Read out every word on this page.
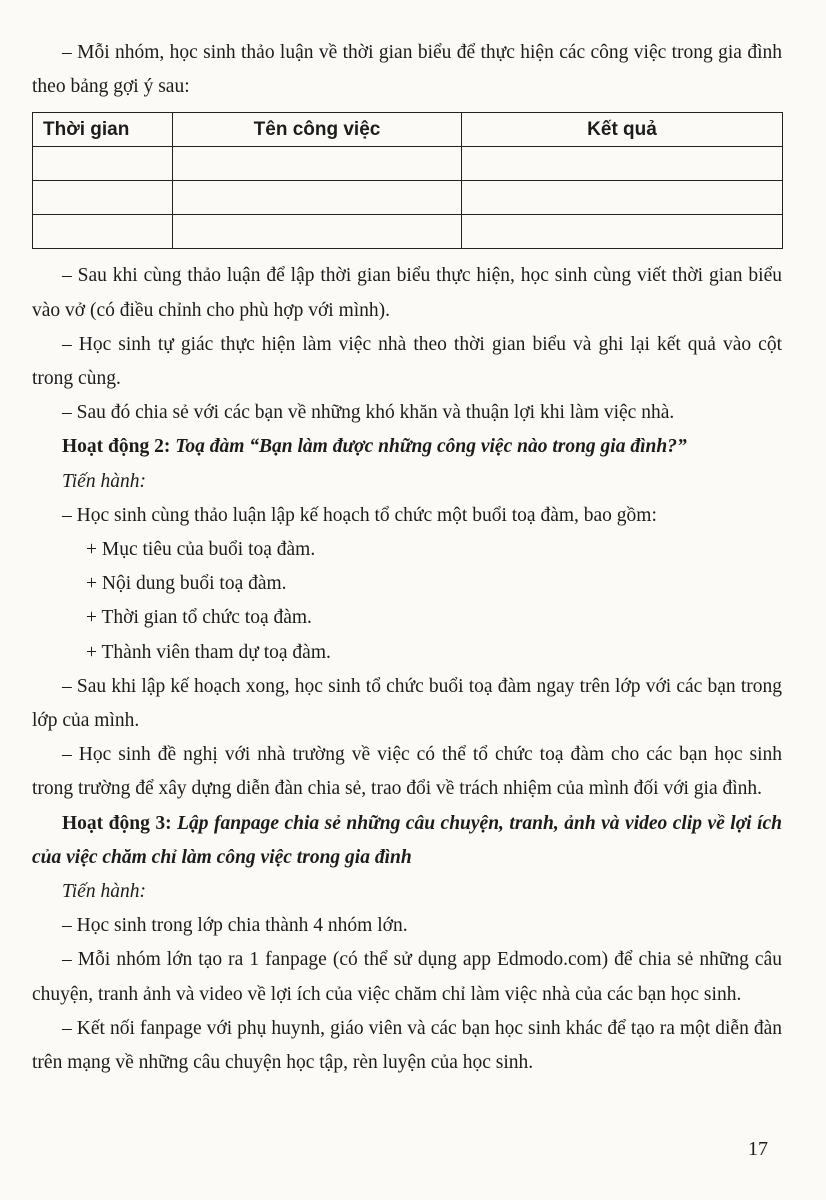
– Mỗi nhóm, học sinh thảo luận về thời gian biểu để thực hiện các công việc trong gia đình theo bảng gợi ý sau:

Thời gian	Tên công việc	Kết quả

– Sau khi cùng thảo luận để lập thời gian biểu thực hiện, học sinh cùng viết thời gian biểu vào vở (có điều chỉnh cho phù hợp với mình).

– Học sinh tự giác thực hiện làm việc nhà theo thời gian biểu và ghi lại kết quả vào cột trong cùng.

– Sau đó chia sẻ với các bạn về những khó khăn và thuận lợi khi làm việc nhà.

Hoạt động 2: Toạ đàm “Bạn làm được những công việc nào trong gia đình?”

Tiến hành:

– Học sinh cùng thảo luận lập kế hoạch tổ chức một buổi toạ đàm, bao gồm:

+ Mục tiêu của buổi toạ đàm.

+ Nội dung buổi toạ đàm.

+ Thời gian tổ chức toạ đàm.

+ Thành viên tham dự toạ đàm.

– Sau khi lập kế hoạch xong, học sinh tổ chức buổi toạ đàm ngay trên lớp với các bạn trong lớp của mình.

– Học sinh đề nghị với nhà trường về việc có thể tổ chức toạ đàm cho các bạn học sinh trong trường để xây dựng diễn đàn chia sẻ, trao đổi về trách nhiệm của mình đối với gia đình.

Hoạt động 3: Lập fanpage chia sẻ những câu chuyện, tranh, ảnh và video clip về lợi ích của việc chăm chỉ làm công việc trong gia đình

Tiến hành:

– Học sinh trong lớp chia thành 4 nhóm lớn.

– Mỗi nhóm lớn tạo ra 1 fanpage (có thể sử dụng app Edmodo.com) để chia sẻ những câu chuyện, tranh ảnh và video về lợi ích của việc chăm chỉ làm việc nhà của các bạn học sinh.

– Kết nối fanpage với phụ huynh, giáo viên và các bạn học sinh khác để tạo ra một diễn đàn trên mạng về những câu chuyện học tập, rèn luyện của học sinh.

17
